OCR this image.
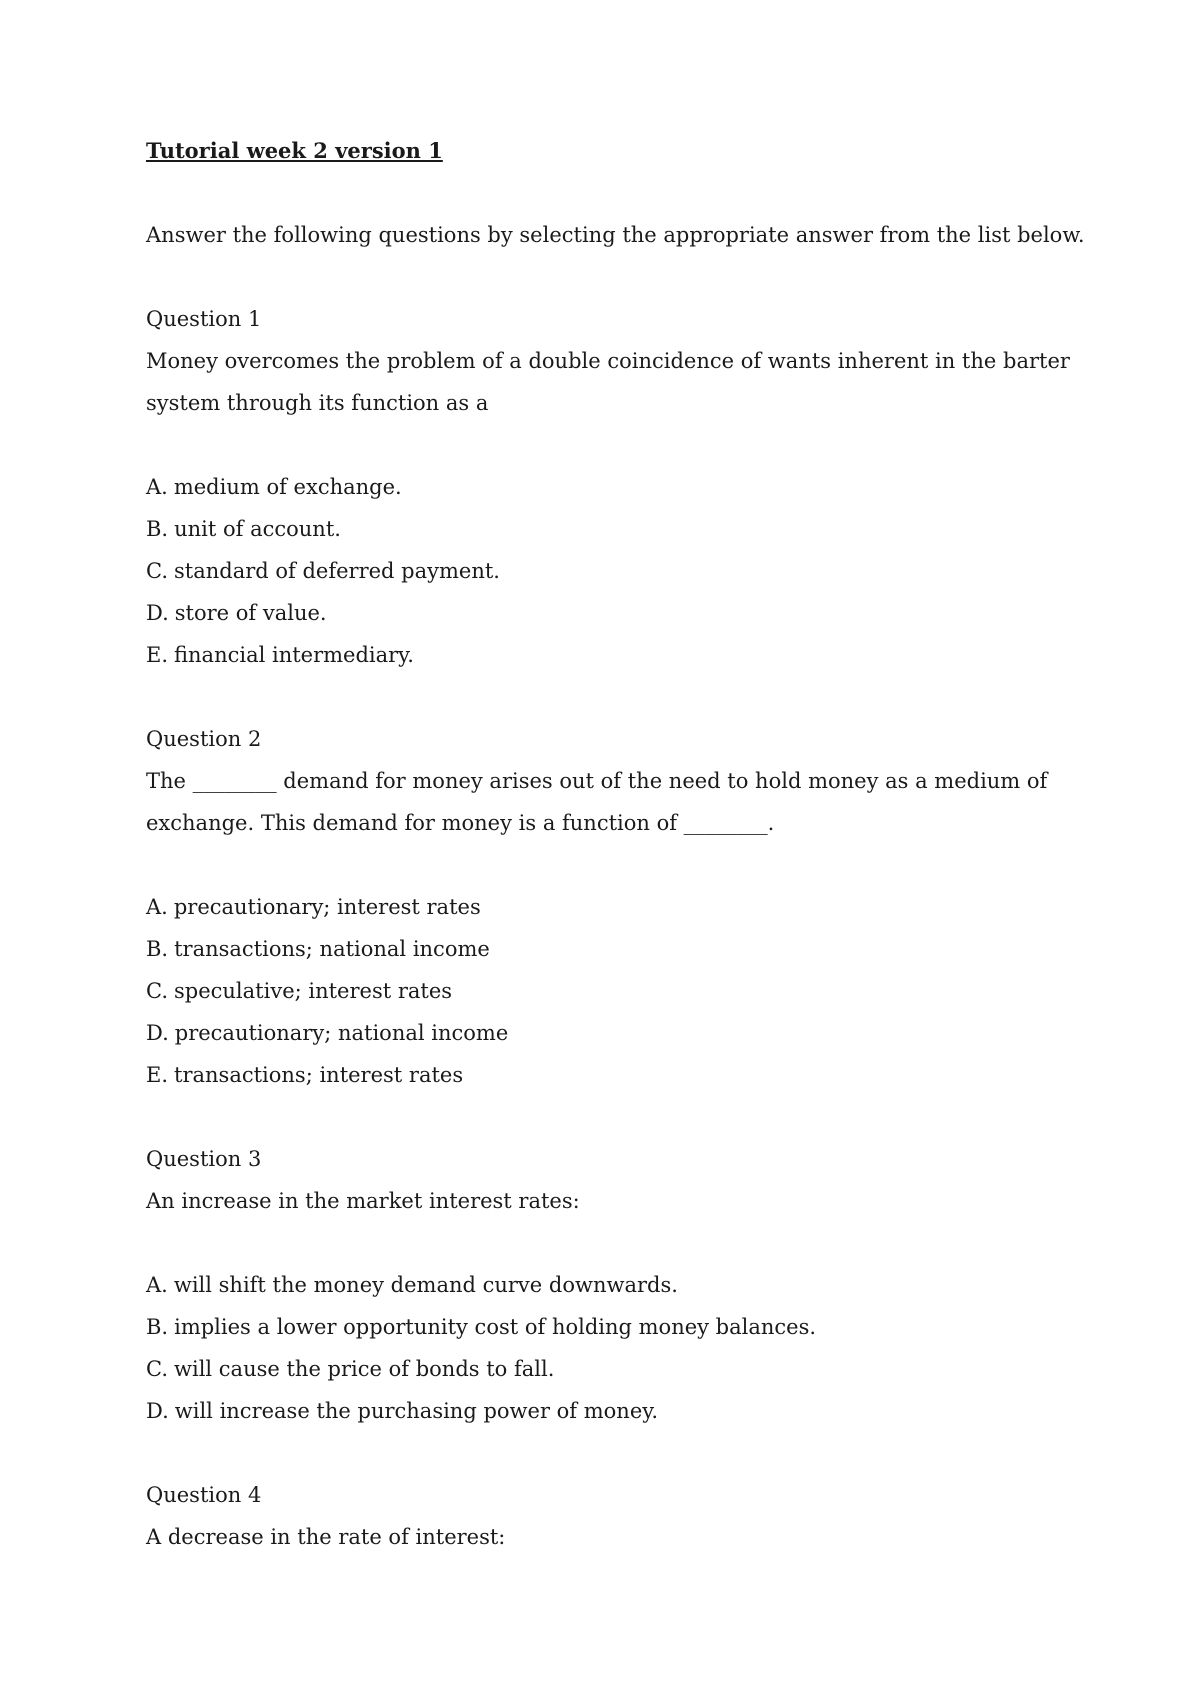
Tutorial week 2 version 1

Answer the following questions by selecting the appropriate answer from the list below.

Question 1

Money overcomes the problem of a double coincidence of wants inherent in the barter system through its function as a

A. medium of exchange.

B. unit of account.

C. standard of deferred payment.

D. store of value.

E. financial intermediary.

Question 2

The ________ demand for money arises out of the need to hold money as a medium of exchange. This demand for money is a function of ________.

A. precautionary; interest rates

B. transactions; national income

C. speculative; interest rates

D. precautionary; national income

E. transactions; interest rates

Question 3

An increase in the market interest rates:

A. will shift the money demand curve downwards.

B. implies a lower opportunity cost of holding money balances.

C. will cause the price of bonds to fall.

D. will increase the purchasing power of money.

Question 4

A decrease in the rate of interest:
